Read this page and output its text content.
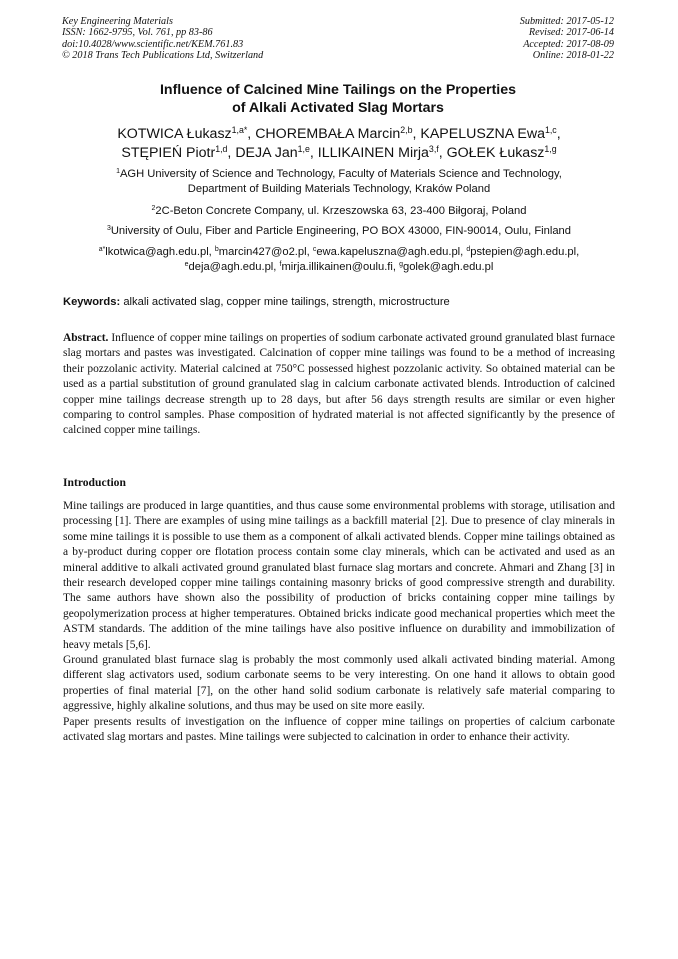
Key Engineering Materials
ISSN: 1662-9795, Vol. 761, pp 83-86
doi:10.4028/www.scientific.net/KEM.761.83
© 2018 Trans Tech Publications Ltd, Switzerland
Submitted: 2017-05-12
Revised: 2017-06-14
Accepted: 2017-08-09
Online: 2018-01-22
Influence of Calcined Mine Tailings on the Properties
of Alkali Activated Slag Mortars
KOTWICA Łukasz$^{1,a*}$, CHOREMBAŁA Marcin$^{2,b}$, KAPELUSZNA Ewa$^{1,c}$,
STĘPIEŃ Piotr$^{1,d}$, DEJA Jan$^{1,e}$, ILLIKAINEN Mirja$^{3,f}$, GOŁEK Łukasz$^{1,g}$
$^1$AGH University of Science and Technology, Faculty of Materials Science and Technology,
Department of Building Materials Technology, Kraków Poland
$^2$2C-Beton Concrete Company, ul. Krzeszowska 63, 23-400 Biłgoraj, Poland
$^3$University of Oulu, Fiber and Particle Engineering, PO BOX 43000, FIN-90014, Oulu, Finland
$^{a*}$lkotwica@agh.edu.pl, $^b$marcin427@o2.pl, $^c$ewa.kapeluszna@agh.edu.pl, $^d$pstepien@agh.edu.pl,
$^e$deja@agh.edu.pl, $^f$mirja.illikainen@oulu.fi, $^g$golek@agh.edu.pl
Keywords: alkali activated slag, copper mine tailings, strength, microstructure
Abstract. Influence of copper mine tailings on properties of sodium carbonate activated ground granulated blast furnace slag mortars and pastes was investigated. Calcination of copper mine tailings was found to be a method of increasing their pozzolanic activity. Material calcined at 750°C possessed highest pozzolanic activity. So obtained material can be used as a partial substitution of ground granulated slag in calcium carbonate activated blends. Introduction of calcined copper mine tailings decrease strength up to 28 days, but after 56 days strength results are similar or even higher comparing to control samples. Phase composition of hydrated material is not affected significantly by the presence of calcined copper mine tailings.
Introduction

Mine tailings are produced in large quantities, and thus cause some environmental problems with storage, utilisation and processing [1]. There are examples of using mine tailings as a backfill material [2]. Due to presence of clay minerals in some mine tailings it is possible to use them as a component of alkali activated blends. Copper mine tailings obtained as a by-product during copper ore flotation process contain some clay minerals, which can be activated and used as an mineral additive to alkali activated ground granulated blast furnace slag mortars and concrete. Ahmari and Zhang [3] in their research developed copper mine tailings containing masonry bricks of good compressive strength and durability. The same authors have shown also the possibility of production of bricks containing copper mine tailings by geopolymerization process at higher temperatures. Obtained bricks indicate good mechanical properties which meet the ASTM standards. The addition of the mine tailings have also positive influence on durability and immobilization of heavy metals [5,6].

Ground granulated blast furnace slag is probably the most commonly used alkali activated binding material. Among different slag activators used, sodium carbonate seems to be very interesting. On one hand it allows to obtain good properties of final material [7], on the other hand solid sodium carbonate is relatively safe material comparing to aggressive, highly alkaline solutions, and thus may be used on site more easily.

Paper presents results of investigation on the influence of copper mine tailings on properties of calcium carbonate activated slag mortars and pastes. Mine tailings were subjected to calcination in order to enhance their activity.
